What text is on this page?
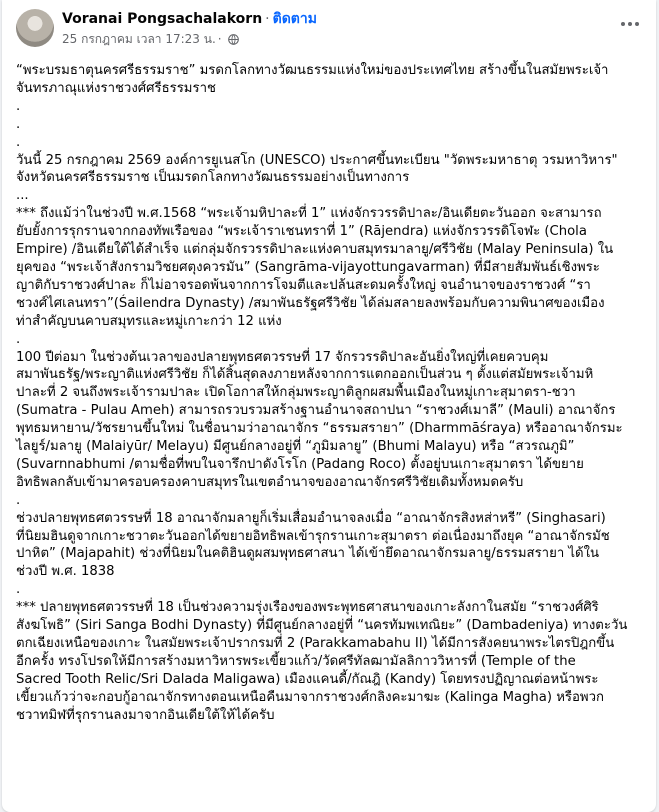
Voranai Pongsachalakorn · ติดตาม
25 กรกฎาคม เวลา 17:23 น. ·

“พระบรมธาตุนครศรีธรรมราช” มรดกโลกทางวัฒนธรรมแห่งใหม่ของประเทศไทย สร้างขึ้นในสมัยพระเจ้า
จันทรภาณุแห่งราชวงศ์ศรีธรรมราช

.

.

.

วันนี้ 25 กรกฎาคม 2569 องค์การยูเนสโก (UNESCO) ประกาศขึ้นทะเบียน "วัดพระมหาธาตุ วรมหาวิหาร"
จังหวัดนครศรีธรรมราช เป็นมรดกโลกทางวัฒนธรรมอย่างเป็นทางการ

...

*** ถึงแม้ว่าในช่วงปี พ.ศ.1568 “พระเจ้ามหิปาละที่ 1” แห่งจักรวรรดิปาละ/อินเดียตะวันออก จะสามารถ
ยับยั้งการรุกรานจากกองทัพเรือของ “พระเจ้าราเชนทราที่ 1” (Rājendra) แห่งจักรวรรดิโจฬะ (Chola
Empire) /อินเดียใต้ได้สำเร็จ แต่กลุ่มจักรวรรดิปาละแห่งคาบสมุทรมาลายู/ศรีวิชัย (Malay Peninsula) ใน
ยุคของ “พระเจ้าสังกรามวิชยศตุงควรมัน” (Sangrāma-vijayottungavarman) ที่มีสายสัมพันธ์เชิงพระ
ญาติกับราชวงศ์ปาละ ก็ไม่อาจรอดพ้นจากการโจมตีและปล้นสะดมครั้งใหญ่ จนอำนาจของราชวงศ์ “รา
ชวงศ์ไศเลนทรา”(Śailendra Dynasty) /สมาพันธรัฐศรีวิชัย ได้ล่มสลายลงพร้อมกับความพินาศของเมือง
ท่าสำคัญบนคาบสมุทรและหมู่เกาะกว่า 12 แห่ง

.

100 ปีต่อมา ในช่วงต้นเวลาของปลายพุทธศตวรรษที่ 17 จักรวรรดิปาละอันยิ่งใหญ่ที่เคยควบคุม
สมาพันธรัฐ/พระญาติแห่งศรีวิชัย ก็ได้สิ้นสุดลงภายหลังจากการแตกออกเป็นส่วน ๆ ตั้งแต่สมัยพระเจ้ามหิ
ปาละที่ 2 จนถึงพระเจ้ารามปาละ เปิดโอกาสให้กลุ่มพระญาติลูกผสมพื้นเมืองในหมู่เกาะสุมาตรา-ชวา
(Sumatra - Pulau Ameh) สามารถรวบรวมสร้างฐานอำนาจสถาปนา “ราชวงศ์เมาลี” (Mauli) อาณาจักร
พุทธมหายาน/วัชรยานขึ้นใหม่ ในชื่อนามว่าอาณาจักร “ธรรมสรายา” (Dharmmāśraya) หรืออาณาจักรมะ
ไลยูร์/มลายู (Malaiyūr/ Melayu) มีศูนย์กลางอยู่ที่ “ภูมิมลายู” (Bhumi Malayu) หรือ “สวรณภูมิ”
(Suvarnnabhumi /ตามชื่อที่พบในจารึกปาดังโรโก (Padang Roco) ตั้งอยู่บนเกาะสุมาตรา ได้ขยาย
อิทธิพลกลับเข้ามาครอบครองคาบสมุทรในเขตอำนาจของอาณาจักรศรีวิชัยเดิมทั้งหมดครับ

.

ช่วงปลายพุทธศตวรรษที่ 18 อาณาจักมลายูก็เริ่มเสื่อมอำนาจลงเมื่อ “อาณาจักรสิงหส่าหรี” (Singhasari)
ที่นิยมฮินดูจากเกาะชวาตะวันออกได้ขยายอิทธิพลเข้ารุกรานเกาะสุมาตรา ต่อเนื่องมาถึงยุค “อาณาจักรมัช
ปาหิต” (Majapahit) ช่วงที่นิยมในคติฮินดูผสมพุทธศาสนา ได้เข้ายึดอาณาจักรมลายู/ธรรมสรายา ได้ใน
ช่วงปี พ.ศ. 1838

.

*** ปลายพุทธศตวรรษที่ 18 เป็นช่วงความรุ่งเรืองของพระพุทธศาสนาของเกาะลังกาในสมัย “ราชวงศ์ศิริ
สังฆโพธิ” (Siri Sanga Bodhi Dynasty) ที่มีศูนย์กลางอยู่ที่ “นครทัมพเทณิยะ” (Dambadeniya) ทางตะวัน
ตกเฉียงเหนือของเกาะ ในสมัยพระเจ้าปรากรมที่ 2 (Parakkamabahu II) ได้มีการสังคยนาพระไตรปิฎกขึ้น
อีกครั้ง ทรงโปรดให้มีการสร้างมหาวิหารพระเขี้ยวแก้ว/วัดศรีทัลฒามัลลิกาววิหารที่ (Temple of the
Sacred Tooth Relic/Sri Dalada Maligawa) เมืองแคนดี้/กัณฎิ (Kandy) โดยทรงปฏิญาณต่อหน้าพระ
เขี้ยวแก้วว่าจะกอบกู้อาณาจักรทางตอนเหนือคืนมาจากราชวงศ์กลิงคะมาฆะ (Kalinga Magha) หรือพวก
ชวาทมิฬที่รุกรานลงมาจากอินเดียใต้ให้ได้ครับ
